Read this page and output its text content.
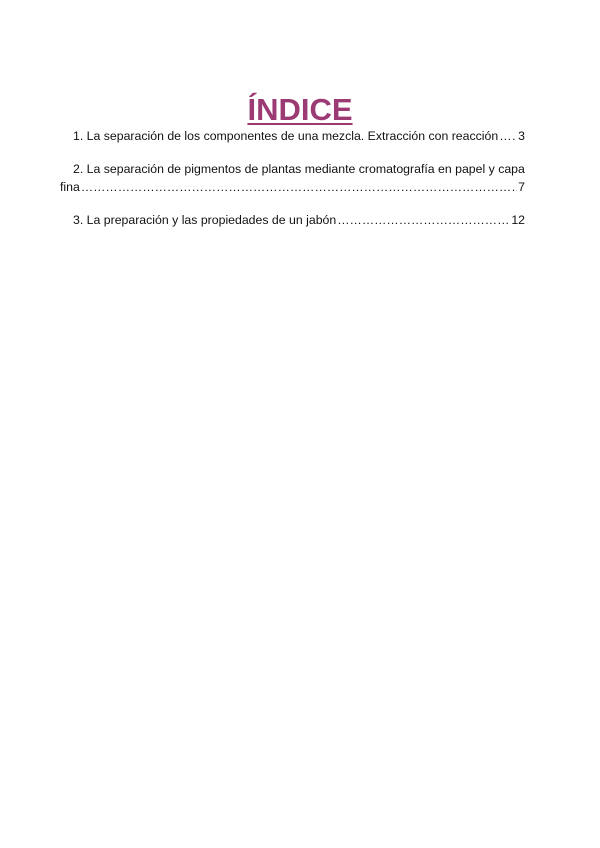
ÍNDICE
1. La separación de los componentes de una mezcla. Extracción con reacción ……………………………………………………………………………………………………………………………………………………………………………… 3
2. La separación de pigmentos de plantas mediante cromatografía en papel y capa
fina ………………………………………………………………………………………………………………………………………………………………………………	7
3. La preparación y las propiedades de un jabón ………………………………………………………………………………………………………………………………………………………………………………	12
